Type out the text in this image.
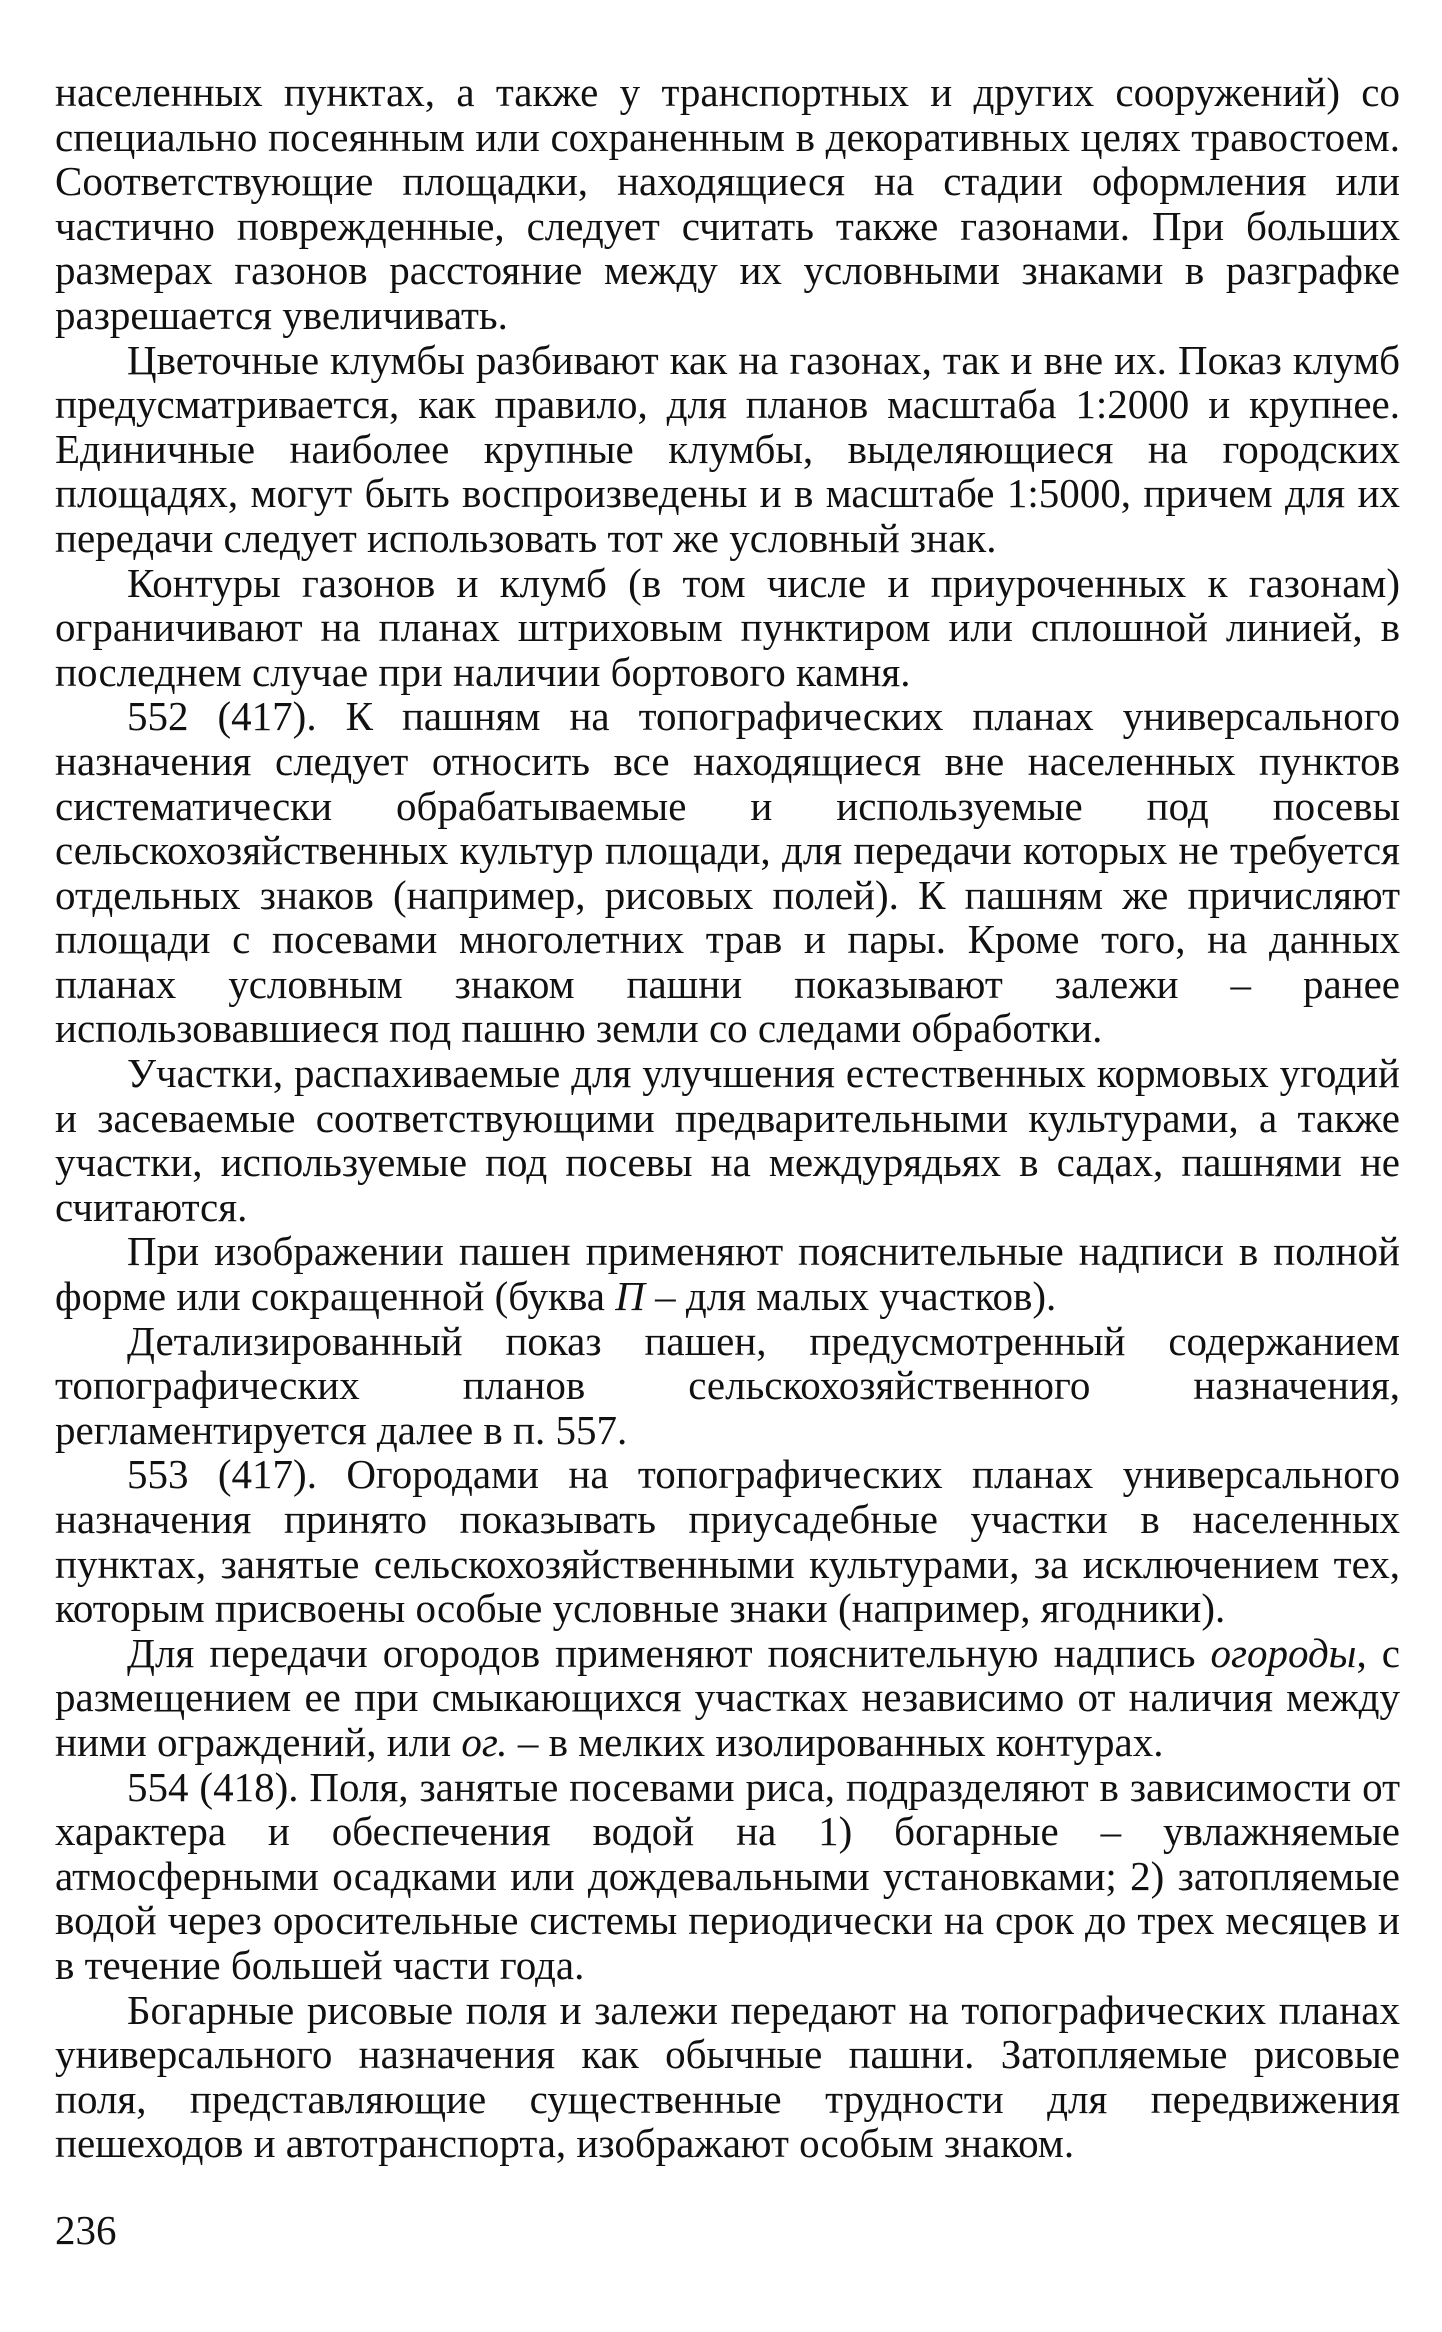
населенных пунктах, а также у транспортных и других сооружений) со специально посеянным или сохраненным в декоративных целях травостоем. Соответствующие площадки, находящиеся на стадии оформления или частично поврежденные, следует считать также газонами. При больших размерах газонов расстояние между их условными знаками в разграфке разрешается увеличивать.

Цветочные клумбы разбивают как на газонах, так и вне их. Показ клумб предусматривается, как правило, для планов масштаба 1:2000 и крупнее. Единичные наиболее крупные клумбы, выделяющиеся на городских площадях, могут быть воспроизведены и в масштабе 1:5000, причем для их передачи следует использовать тот же условный знак.

Контуры газонов и клумб (в том числе и приуроченных к газонам) ограничивают на планах штриховым пунктиром или сплошной линией, в последнем случае при наличии бортового камня.

552 (417). К пашням на топографических планах универсального назначения следует относить все находящиеся вне населенных пунктов систематически обрабатываемые и используемые под посевы сельскохозяйственных культур площади, для передачи которых не требуется отдельных знаков (например, рисовых полей). К пашням же причисляют площади с посевами многолетних трав и пары. Кроме того, на данных планах условным знаком пашни показывают залежи – ранее использовавшиеся под пашню земли со следами обработки.

Участки, распахиваемые для улучшения естественных кормовых угодий и засеваемые соответствующими предварительными культурами, а также участки, используемые под посевы на междурядьях в садах, пашнями не считаются.

При изображении пашен применяют пояснительные надписи в полной форме или сокращенной (буква П – для малых участков).

Детализированный показ пашен, предусмотренный содержанием топографических планов сельскохозяйственного назначения, регламентируется далее в п. 557.

553 (417). Огородами на топографических планах универсального назначения принято показывать приусадебные участки в населенных пунктах, занятые сельскохозяйственными культурами, за исключением тех, которым присвоены особые условные знаки (например, ягодники).

Для передачи огородов применяют пояснительную надпись огороды, с размещением ее при смыкающихся участках независимо от наличия между ними ограждений, или ог. – в мелких изолированных контурах.

554 (418). Поля, занятые посевами риса, подразделяют в зависимости от характера и обеспечения водой на 1) богарные – увлажняемые атмосферными осадками или дождевальными установками; 2) затопляемые водой через оросительные системы периодически на срок до трех месяцев и в течение большей части года.

Богарные рисовые поля и залежи передают на топографических планах универсального назначения как обычные пашни. Затопляемые рисовые поля, представляющие существенные трудности для передвижения пешеходов и автотранспорта, изображают особым знаком.

236
